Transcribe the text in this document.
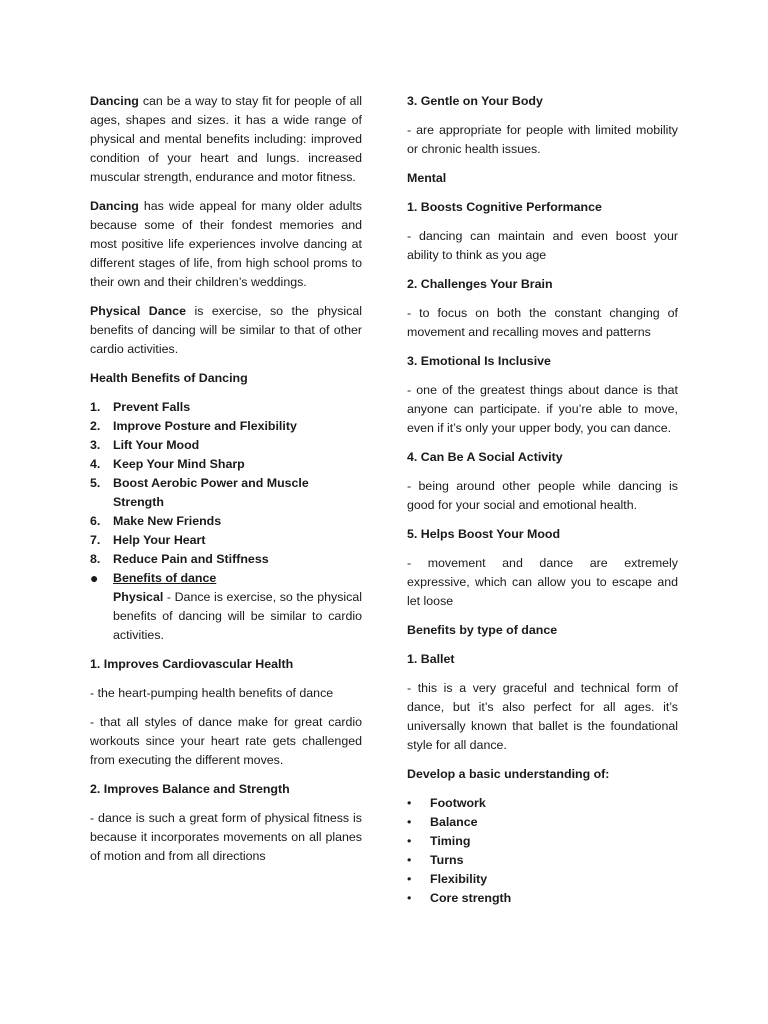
Dancing can be a way to stay fit for people of all ages, shapes and sizes. it has a wide range of physical and mental benefits including: improved condition of your heart and lungs. increased muscular strength, endurance and motor fitness.

Dancing has wide appeal for many older adults because some of their fondest memories and most positive life experiences involve dancing at different stages of life, from high school proms to their own and their children’s weddings.

Physical Dance is exercise, so the physical benefits of dancing will be similar to that of other cardio activities.

Health Benefits of Dancing

1.	Prevent Falls
2.	Improve Posture and Flexibility
3.	Lift Your Mood
4.	Keep Your Mind Sharp
5.	Boost Aerobic Power and Muscle Strength
6.	Make New Friends
7.	Help Your Heart
8.	Reduce Pain and Stiffness
●	Benefits of dance

Physical - Dance is exercise, so the physical benefits of dancing will be similar to cardio activities.

1. Improves Cardiovascular Health

- the heart-pumping health benefits of dance

- that all styles of dance make for great cardio workouts since your heart rate gets challenged from executing the different moves.

2. Improves Balance and Strength

- dance is such a great form of physical fitness is because it incorporates movements on all planes of motion and from all directions

3. Gentle on Your Body

- are appropriate for people with limited mobility or chronic health issues.

Mental

1. Boosts Cognitive Performance

- dancing can maintain and even boost your ability to think as you age

2. Challenges Your Brain

- to focus on both the constant changing of movement and recalling moves and patterns

3. Emotional Is Inclusive

- one of the greatest things about dance is that anyone can participate. if you’re able to move, even if it’s only your upper body, you can dance.

4. Can Be A Social Activity

- being around other people while dancing is good for your social and emotional health.

5. Helps Boost Your Mood

- movement and dance are extremely expressive, which can allow you to escape and let loose

Benefits by type of dance

1. Ballet

- this is a very graceful and technical form of dance, but it’s also perfect for all ages. it’s universally known that ballet is the foundational style for all dance.

Develop a basic understanding of:

•	Footwork
•	Balance
•	Timing
•	Turns
•	Flexibility
•	Core strength
